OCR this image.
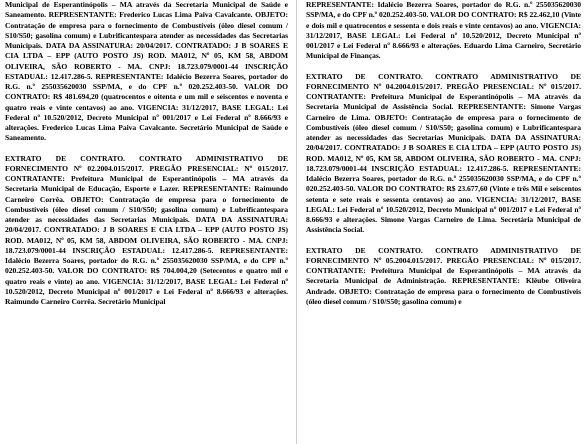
Municipal de Esperantinópolis – MA através da Secretaria Municipal de Saúde e Saneamento. REPRESENTANTE: Frederico Lucas Lima Paiva Cavalcante. OBJETO: Contratação de empresa para o fornecimento de Combustíveis (óleo diesel comum / S10/S50; gasolina comum) e Lubrificantespara atender as necessidades das Secretarias Municipais. DATA DA ASSINATURA: 20/04/2017. CONTRATADO: J B SOARES E CIA LTDA – EPP (AUTO POSTO JS) ROD. MA012, Nº 05, KM 58, ABDOM OLIVEIRA, SÃO ROBERTO - MA. CNPJ: 18.723.079/0001-44 INSCRIÇÃO ESTADUAL: 12.417.286-5. REPRESENTANTE: Idalécio Bezerra Soares, portador do R.G. n.º 255035620030 SSP/MA, e do CPF n.º 020.252.403-50. VALOR DO CONTRATO: R$ 481.694,20 (quatrocentos e oitenta e um mil e seiscentos e noventa e quatro reais e vinte centavos) ao ano. VIGENCIA: 31/12/2017, BASE LEGAL: Lei Federal nº 10.520/2012, Decreto Municipal nº 001/2017 e Lei Federal nº 8.666/93 e alterações. Frederico Lucas Lima Paiva Cavalcante. Secretário Municipal de Saúde e Saneamento.

EXTRATO DE CONTRATO. CONTRATO ADMINISTRATIVO DE FORNECIMENTO Nº 02.2004.015/2017. PREGÃO PRESENCIAL: Nº 015/2017. CONTRATANTE: Prefeitura Municipal de Esperantinópolis – MA através da Secretaria Municipal de Educação, Esporte e Lazer. REPRESENTANTE: Raimundo Carneiro Corrêa. OBJETO: Contratação de empresa para o fornecimento de Combustíveis (óleo diesel comum / S10/S50; gasolina comum) e Lubrificantespara atender as necessidades das Secretarias Municipais. DATA DA ASSINATURA: 20/04/2017. CONTRATADO: J B SOARES E CIA LTDA – EPP (AUTO POSTO JS) ROD. MA012, Nº 05, KM 58, ABDOM OLIVEIRA, SÃO ROBERTO - MA. CNPJ: 18.723.079/0001-44 INSCRIÇÃO ESTADUAL: 12.417.286-5. REPRESENTANTE: Idalécio Bezerra Soares, portador do R.G. n.º 255035620030 SSP/MA, e do CPF n.º 020.252.403-50. VALOR DO CONTRATO: R$ 704.004,20 (Setecentos e quatro mil e quatro reais e vinte) ao ano. VIGENCIA: 31/12/2017, BASE LEGAL: Lei Federal nº 10.520/2012, Decreto Municipal nº 001/2017 e Lei Federal nº 8.666/93 e alterações. Raimundo Carneiro Corrêa. Secretário Municipal

REPRESENTANTE: Idalécio Bezerra Soares, portador do R.G. n.º 255035620030 SSP/MA, e do CPF n.º 020.252.403-50. VALOR DO CONTRATO: R$ 22.462,10 (Vinte e dois mil e quatrocentos e sessenta e dois reais e vinte centavos) ao ano. VIGENCIA: 31/12/2017, BASE LEGAL: Lei Federal nº 10.520/2012, Decreto Municipal nº 001/2017 e Lei Federal nº 8.666/93 e alterações. Eduardo Lima Carneiro, Secretário Municipal de Finanças.

EXTRATO DE CONTRATO. CONTRATO ADMINISTRATIVO DE FORNECIMENTO Nº 04.2004.015/2017. PREGÃO PRESENCIAL: Nº 015/2017. CONTRATANTE: Prefeitura Municipal de Esperantinópolis – MA através da Secretaria Municipal de Assistência Social. REPRESENTANTE: Simone Vargas Carneiro de Lima. OBJETO: Contratação de empresa para o fornecimento de Combustíveis (óleo diesel comum / S10/S50; gasolina comum) e Lubrificantespara atender as necessidades das Secretarias Municipais. DATA DA ASSINATURA: 20/04/2017. CONTRATADO: J B SOARES E CIA LTDA – EPP (AUTO POSTO JS) ROD. MA012, Nº 05, KM 58, ABDOM OLIVEIRA, SÃO ROBERTO - MA. CNPJ: 18.723.079/0001-44 INSCRIÇÃO ESTADUAL: 12.417.286-5. REPRESENTANTE: Idalécio Bezerra Soares, portador do R.G. n.º 255035620030 SSP/MA, e do CPF n.º 020.252.403-50. VALOR DO CONTRATO: R$ 23.677,60 (Vinte e três Mil e seiscentos setenta e sete reais e sessenta centavos) ao ano. VIGENCIA: 31/12/2017, BASE LEGAL: Lei Federal nº 10.520/2012, Decreto Municipal nº 001/2017 e Lei Federal nº 8.666/93 e alterações. Simone Vargas Carneiro de Lima. Secretária Municipal de Assistência Social.

EXTRATO DE CONTRATO. CONTRATO ADMINISTRATIVO DE FORNECIMENTO Nº 05.2004.015/2017. PREGÃO PRESENCIAL: Nº 015/2017. CONTRATANTE: Prefeitura Municipal de Esperantinópolis – MA através da Secretaria Municipal de Administração. REPRESENTANTE: Klêube Oliveira Andrade. OBJETO: Contratação de empresa para o fornecimento de Combustíveis (óleo diesel comum / S10/S50; gasolina comum) e
